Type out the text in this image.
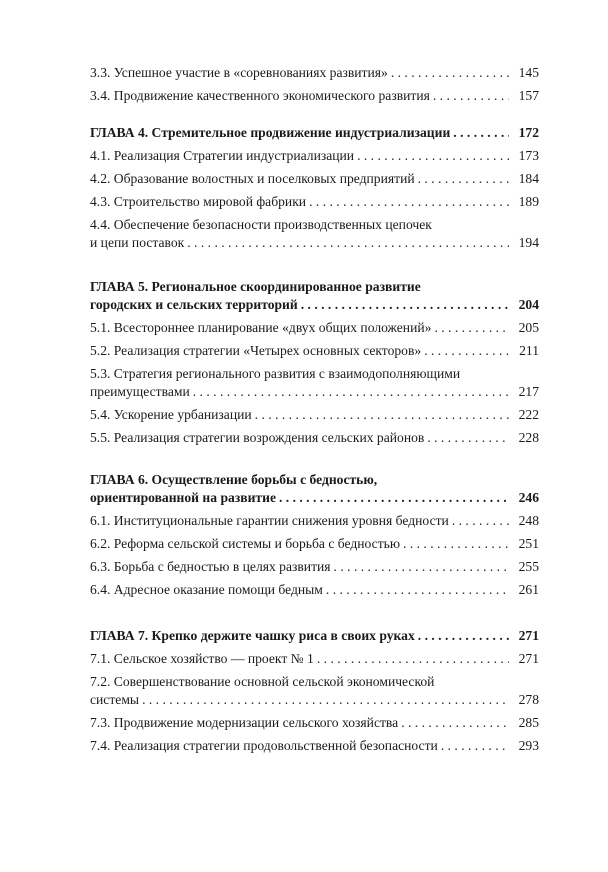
3.3. Успешное участие в «соревнованиях развития» . . .	145
3.4. Продвижение качественного экономического развития . . .	157
ГЛАВА 4. Стремительное продвижение индустриализации . . .	172
4.1. Реализация Стратегии индустриализации . . .	173
4.2. Образование волостных и поселковых предприятий . . .	184
4.3. Строительство мировой фабрики . . .	189
4.4. Обеспечение безопасности производственных цепочек
и цепи поставок . . .	194
ГЛАВА 5. Региональное скоординированное развитие
городских и сельских территорий . . .	204
5.1. Всестороннее планирование «двух общих положений» . . .	205
5.2. Реализация стратегии «Четырех основных секторов» . . .	211
5.3. Стратегия регионального развития с взаимодополняющими
преимуществами . . .	217
5.4. Ускорение урбанизации . . .	222
5.5. Реализация стратегии возрождения сельских районов . . .	228
ГЛАВА 6. Осуществление борьбы с бедностью,
ориентированной на развитие . . .	246
6.1. Институциональные гарантии снижения уровня бедности . . .	248
6.2. Реформа сельской системы и борьба с бедностью . . .	251
6.3. Борьба с бедностью в целях развития . . .	255
6.4. Адресное оказание помощи бедным . . .	261
ГЛАВА 7. Крепко держите чашку риса в своих руках . . .	271
7.1. Сельское хозяйство — проект № 1 . . .	271
7.2. Совершенствование основной сельской экономической
системы . . .	278
7.3. Продвижение модернизации сельского хозяйства . . .	285
7.4. Реализация стратегии продовольственной безопасности . . .	293
